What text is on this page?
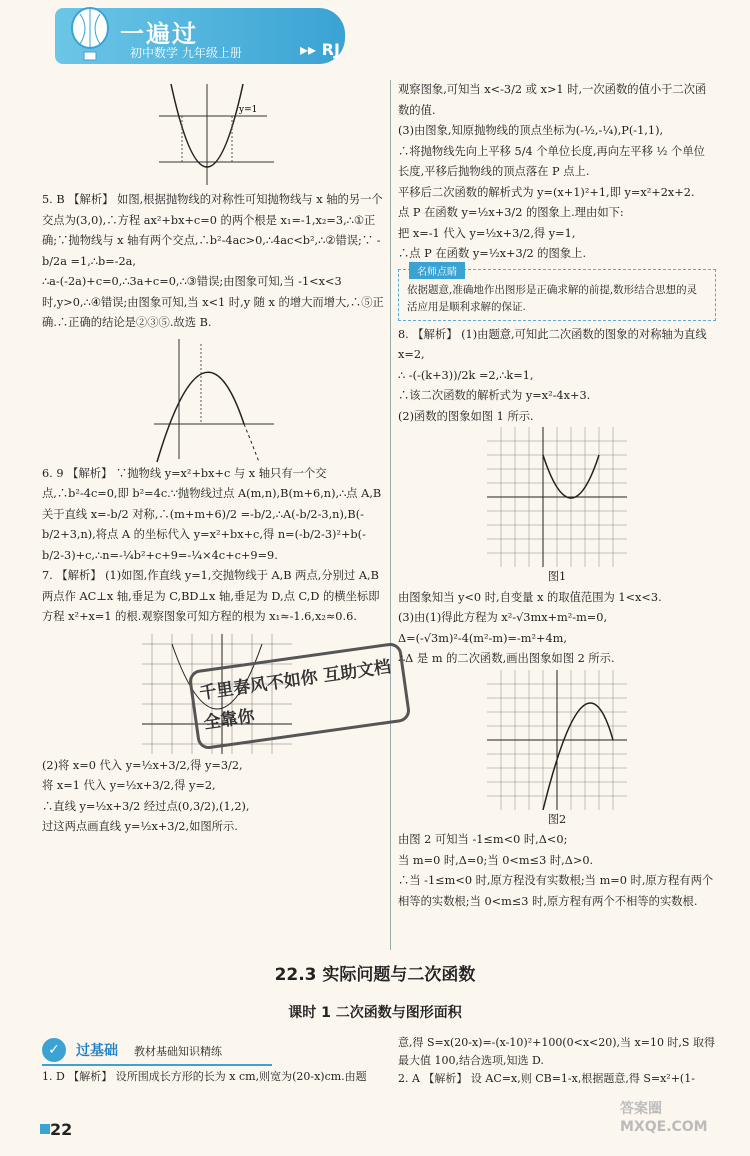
一遍过
初中数学 九年级上册	▸▸ RJ
y=1

5. B 【解析】 如图,根据抛物线的对称性可知抛物线与 x 轴的另一个交点为(3,0),∴方程 ax²+bx+c=0 的两个根是 x₁=-1,x₂=3,∴①正确;∵抛物线与 x 轴有两个交点,∴b²-4ac>0,∴4ac<b²,∴②错误;∵ -b/2a =1,∴b=-2a,

∴a-(-2a)+c=0,∴3a+c=0,∴③错误;由图象可知,当 -1<x<3 时,y>0,∴④错误;由图象可知,当 x<1 时,y 随 x 的增大而增大,∴⑤正确.∴正确的结论是②③⑤.故选 B.

6. 9 【解析】 ∵抛物线 y=x²+bx+c 与 x 轴只有一个交点,∴b²-4c=0,即 b²=4c.∵抛物线过点 A(m,n),B(m+6,n),∴点 A,B 关于直线 x=-b/2 对称,∴(m+m+6)/2 =-b/2,∴A(-b/2-3,n),B(-b/2+3,n),将点 A 的坐标代入 y=x²+bx+c,得 n=(-b/2-3)²+b(-b/2-3)+c,∴n=-¼b²+c+9=-¼×4c+c+9=9.

7. 【解析】 (1)如图,作直线 y=1,交抛物线于 A,B 两点,分别过 A,B 两点作 AC⊥x 轴,垂足为 C,BD⊥x 轴,垂足为 D,点 C,D 的横坐标即方程 x²+x=1 的根.观察图象可知方程的根为 x₁≈-1.6,x₂≈0.6.

千里春风不如你 互助文档全靠你

(2)将 x=0 代入 y=½x+3/2,得 y=3/2,

将 x=1 代入 y=½x+3/2,得 y=2,

∴直线 y=½x+3/2 经过点(0,3/2),(1,2),

过这两点画直线 y=½x+3/2,如图所示.

观察图象,可知当 x<-3/2 或 x>1 时,一次函数的值小于二次函数的值.

(3)由图象,知原抛物线的顶点坐标为(-½,-¼),P(-1,1),

∴将抛物线先向上平移 5/4 个单位长度,再向左平移 ½ 个单位长度,平移后抛物线的顶点落在 P 点上.

平移后二次函数的解析式为 y=(x+1)²+1,即 y=x²+2x+2.

点 P 在函数 y=½x+3/2 的图象上.理由如下:

把 x=-1 代入 y=½x+3/2,得 y=1,

∴点 P 在函数 y=½x+3/2 的图象上.

名师点睛

依据题意,准确地作出图形是正确求解的前提,数形结合思想的灵活应用是顺利求解的保证.

8. 【解析】 (1)由题意,可知此二次函数的图象的对称轴为直线 x=2,

∴ -(-(k+3))/2k =2,∴k=1,

∴该二次函数的解析式为 y=x²-4x+3.

(2)函数的图象如图 1 所示.

图1

由图象知当 y<0 时,自变量 x 的取值范围为 1<x<3.

(3)由(1)得此方程为 x²-√3mx+m²-m=0,

Δ=(-√3m)²-4(m²-m)=-m²+4m,

∴Δ 是 m 的二次函数,画出图象如图 2 所示.

图2

由图 2 可知当 -1≤m<0 时,Δ<0;

当 m=0 时,Δ=0;当 0<m≤3 时,Δ>0.

∴当 -1≤m<0 时,原方程没有实数根;当 m=0 时,原方程有两个相等的实数根;当 0<m≤3 时,原方程有两个不相等的实数根.

22.3 实际问题与二次函数
课时 1 二次函数与图形面积
✓	过基础 教材基础知识精练
1. D 【解析】 设所围成长方形的长为 x cm,则宽为(20-x)cm.由题

意,得 S=x(20-x)=-(x-10)²+100(0<x<20),当 x=10 时,S 取得最大值 100,结合选项,知选 D.

2. A 【解析】 设 AC=x,则 CB=1-x,根据题意,得 S=x²+(1-

22
答案圈 MXQE.COM
